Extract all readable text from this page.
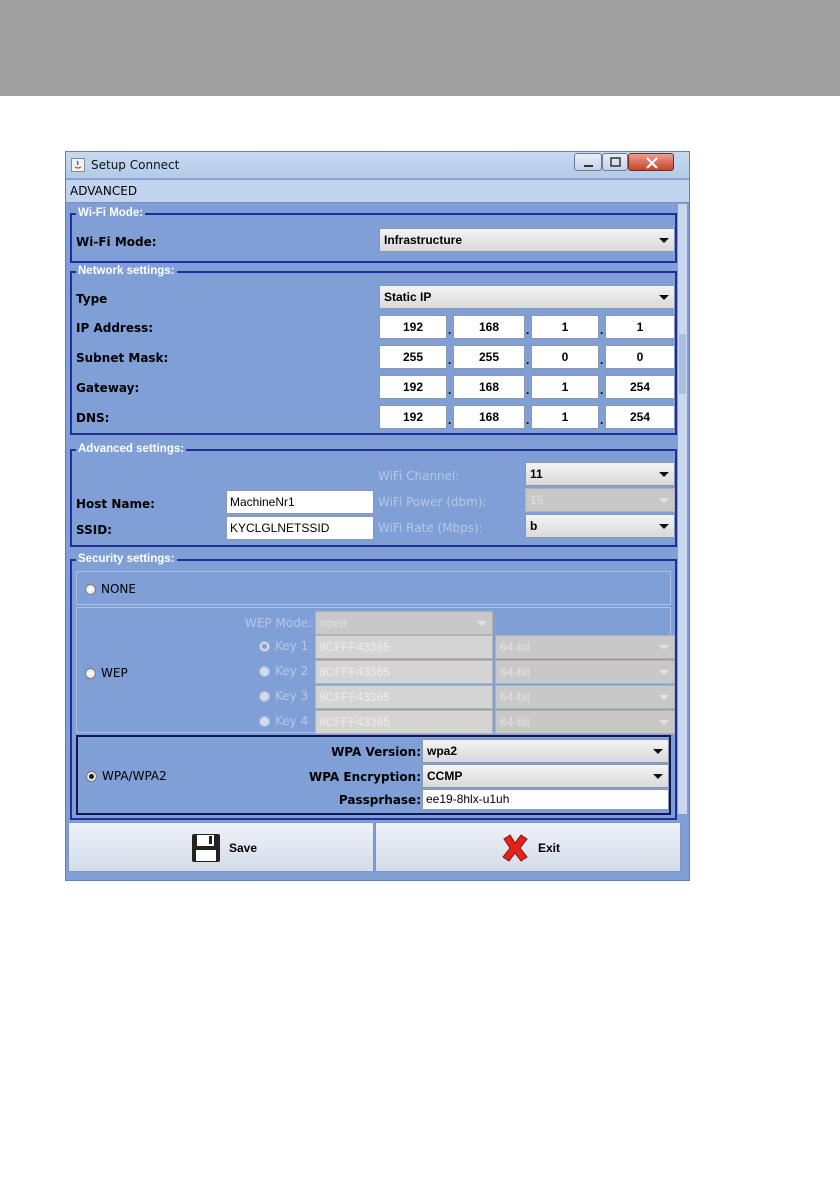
Setup Connect
ADVANCED
Wi-Fi Mode:
Wi-Fi Mode:	Infrastructure
Network settings:
Type	Static IP
IP Address:	192	.	168	.	1	.	1
Subnet Mask:	255	.	255	.	0	.	0
Gateway:	192	.	168	.	1	.	254
DNS:	192	.	168	.	1	.	254
Advanced settings:
Host Name:	MachineNr1
SSID:	KYCLGLNETSSID
WiFi Channel:	11
WiFi Power (dbm):	15
WiFi Rate (Mbps):	b
Security settings:
NONE
WEP
WEP Mode: open
Key 1 8CFFF43365	64-bit
Key 2 8CFFF43365	64-bit
Key 3 8CFFF43365	64-bit
Key 4 8CFFF43365	64-bit
WPA/WPA2
WPA Version: wpa2
WPA Encryption: CCMP
Passprhase: ee19-8hlx-u1uh
Save	Exit
